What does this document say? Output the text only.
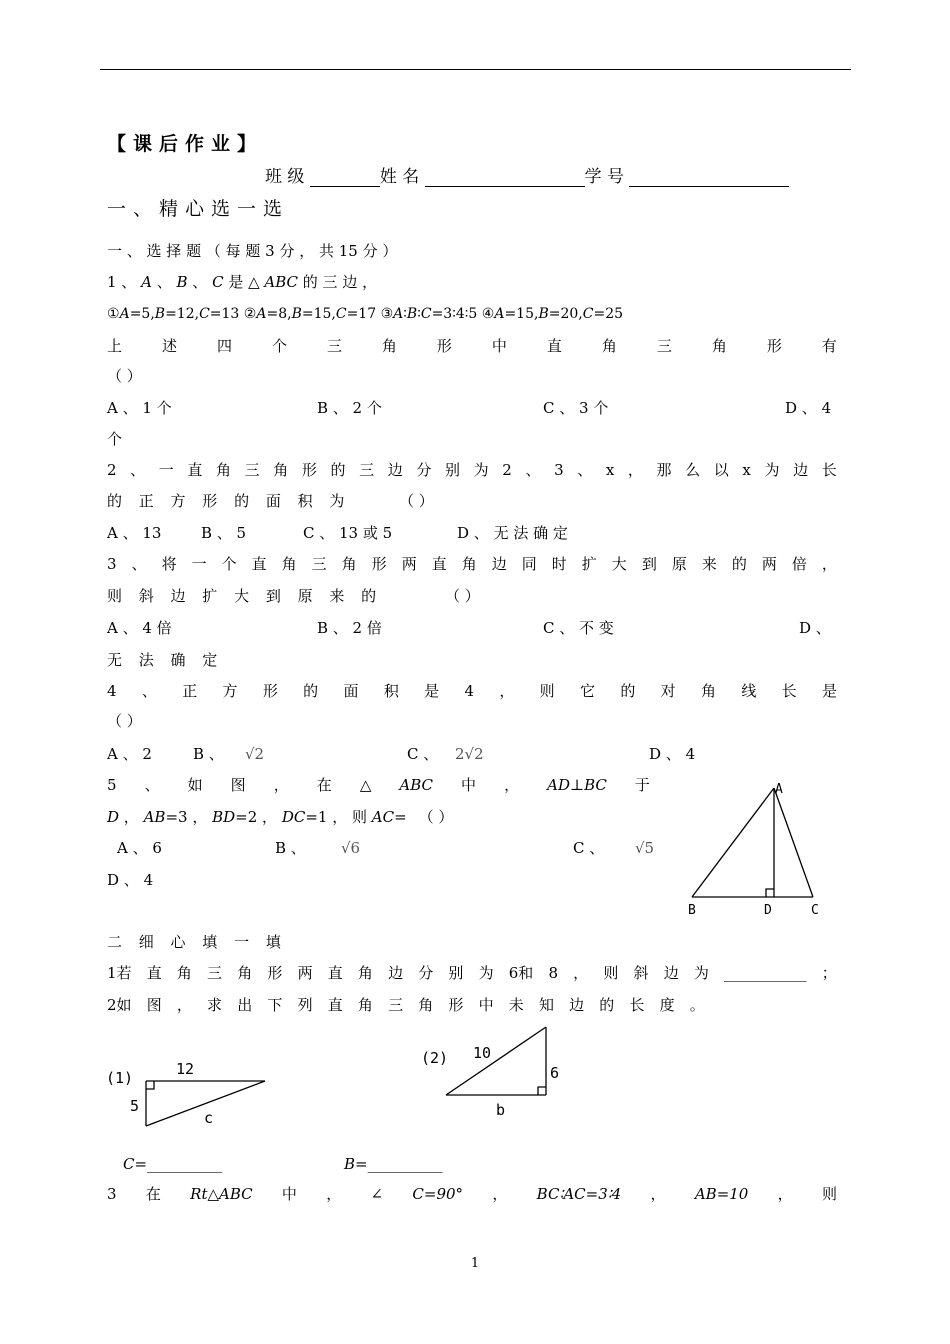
【课后作业】
班 级	姓 名	学 号
一、精心选一选
一 、 选 择 题 （ 每 题 3 分 ， 共 15 分 ）
1 、 A 、 B 、 C 是 △ ABC 的 三 边 ，
①A=5,B=12,C=13 ②A=8,B=15,C=17 ③A∶B∶C=3∶4∶5 ④A=15,B=20,C=25
上	述	四	个	三	角	形	中	直	角	三	角	形	有
（ ）
A 、 1 个	B 、 2 个	C 、 3 个	D 、 4
个
2 、 一 直 角 三 角 形 的 三 边 分 别 为 2 、 3 、 x ， 那 么 以 x 为 边 长
的 正 方 形 的 面 积 为	（ ）
A 、 13	B 、 5	C 、 13 或 5	D 、 无 法 确 定
3 、 将 一 个 直 角 三 角 形 两 直 角 边 同 时 扩 大 到 原 来 的 两 倍 ，
则 斜 边 扩 大 到 原 来 的	（ ）
A 、 4 倍	B 、 2 倍	C 、 不 变	D 、
无 法 确 定
4 、 正 方 形 的 面 积 是 4 ， 则 它 的 对 角 线 长 是
（ ）
A 、 2	B 、 √2	C 、 2√2	D 、 4
5 、 如 图 ， 在 △ ABC 中 ， AD⊥BC 于
D ， AB=3 ， BD=2 ， DC=1 ， 则 AC= （ ）
A 、 6	B 、 √6	C 、 √5
D 、 4
A
B	D	C
二 细 心 填 一 填
1若 直 角 三 角 形 两 直 角 边 分 别 为 6和 8 ， 则 斜 边 为 ___________ ；
2如 图 ， 求 出 下 列 直 角 三 角 形 中 未 知 边 的 长 度 。
(1)	12
5
c
(2) 10
6
b
C=__________	B=__________
3 在 Rt△ABC 中 ， ∠ C=90° ， BC∶AC=3∶4 ， AB=10 ， 则
1
